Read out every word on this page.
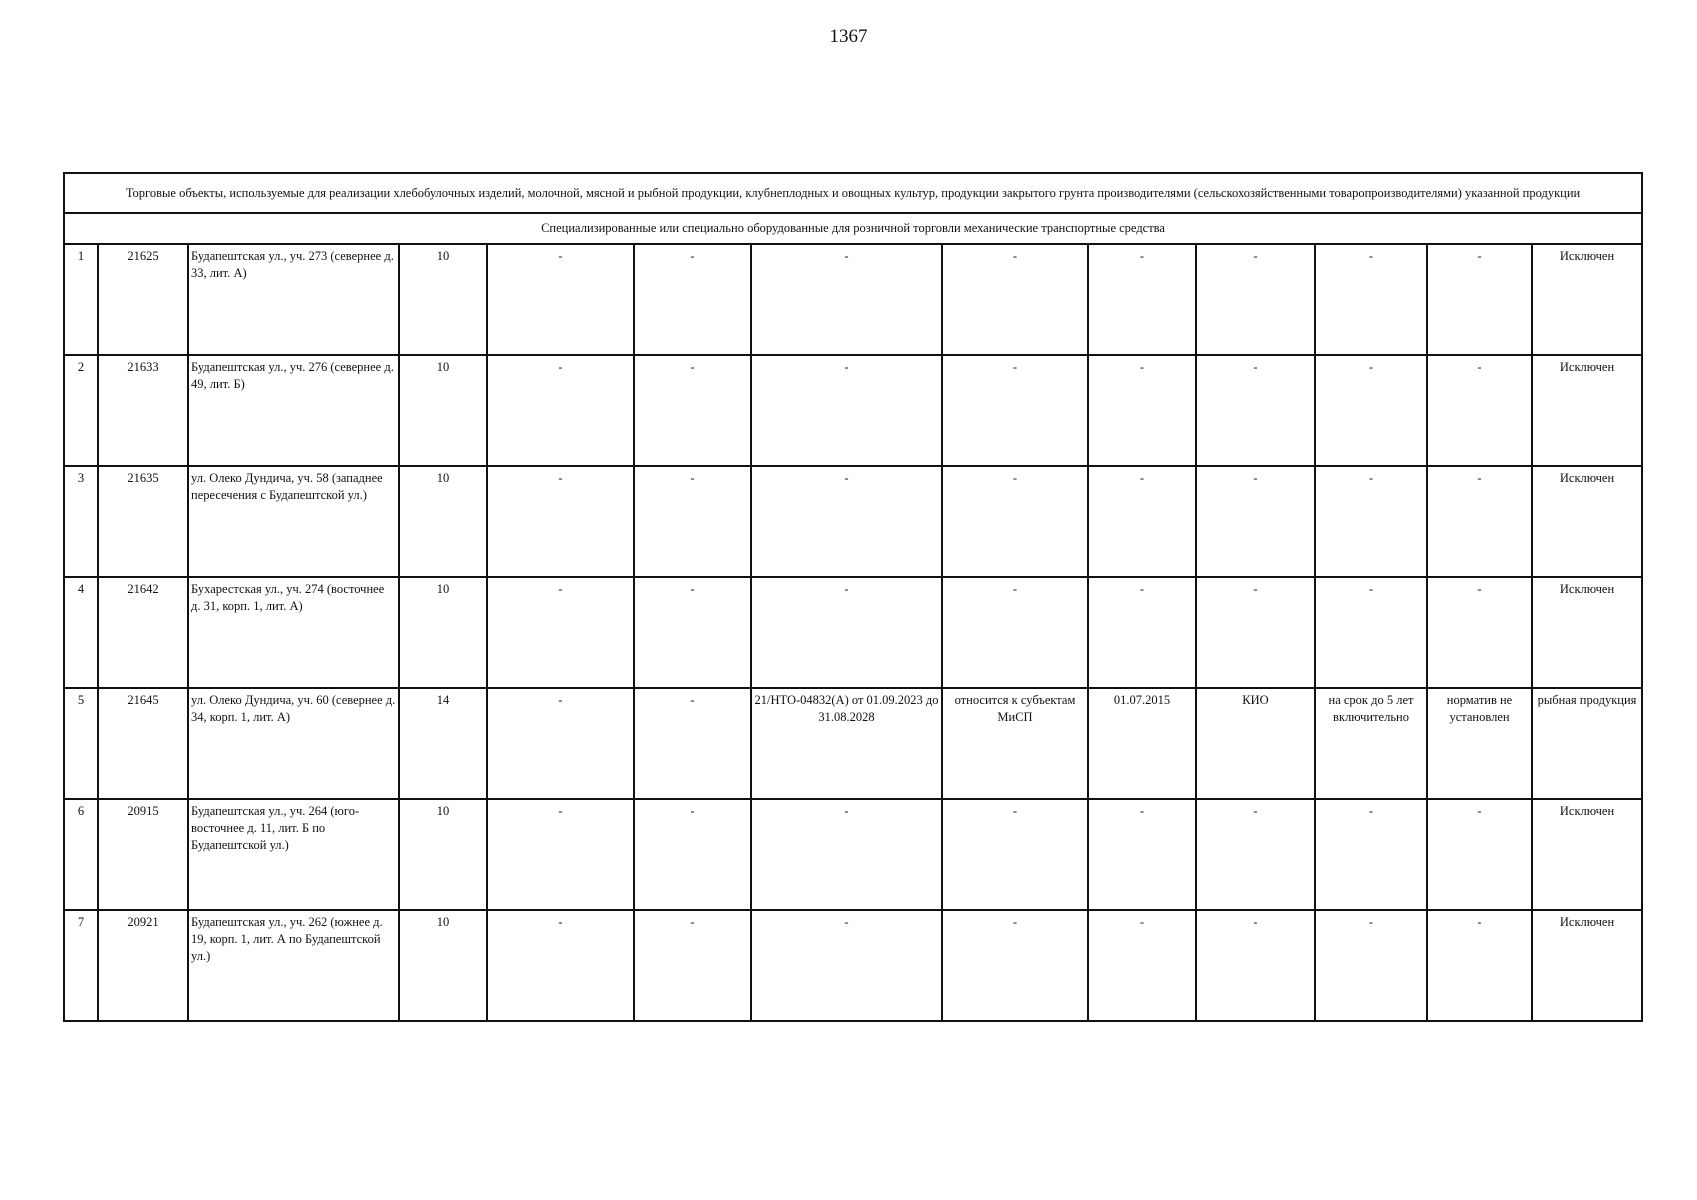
1367
Торговые объекты, используемые для реализации хлебобулочных изделий, молочной, мясной и рыбной продукции, клубнеплодных и овощных культур, продукции закрытого грунта производителями (сельскохозяйственными товаропроизводителями) указанной продукции												
Специализированные или специально оборудованные для розничной торговли механические транспортные средства												
1	21625	Будапештская ул., уч. 273 (севернее д. 33, лит. А)	10	-	-	-	-	-	-	-	-	Исключен
2	21633	Будапештская ул., уч. 276 (севернее д. 49, лит. Б)	10	-	-	-	-	-	-	-	-	Исключен
3	21635	ул. Олеко Дундича, уч. 58 (западнее пересечения с Будапештской ул.)	10	-	-	-	-	-	-	-	-	Исключен
4	21642	Бухарестская ул., уч. 274 (восточнее д. 31, корп. 1, лит. А)	10	-	-	-	-	-	-	-	-	Исключен
5	21645	ул. Олеко Дундича, уч. 60 (севернее д. 34, корп. 1, лит. А)	14	-	-	21/НТО-04832(А) от 01.09.2023 до 31.08.2028	относится к субъектам МиСП	01.07.2015	КИО	на срок до 5 лет включительно	норматив не установлен	рыбная продукция
6	20915	Будапештская ул., уч. 264 (юго-восточнее д. 11, лит. Б по Будапештской ул.)	10	-	-	-	-	-	-	-	-	Исключен
7	20921	Будапештская ул., уч. 262 (южнее д. 19, корп. 1, лит. А по Будапештской ул.)	10	-	-	-	-	-	-	-	-	Исключен
